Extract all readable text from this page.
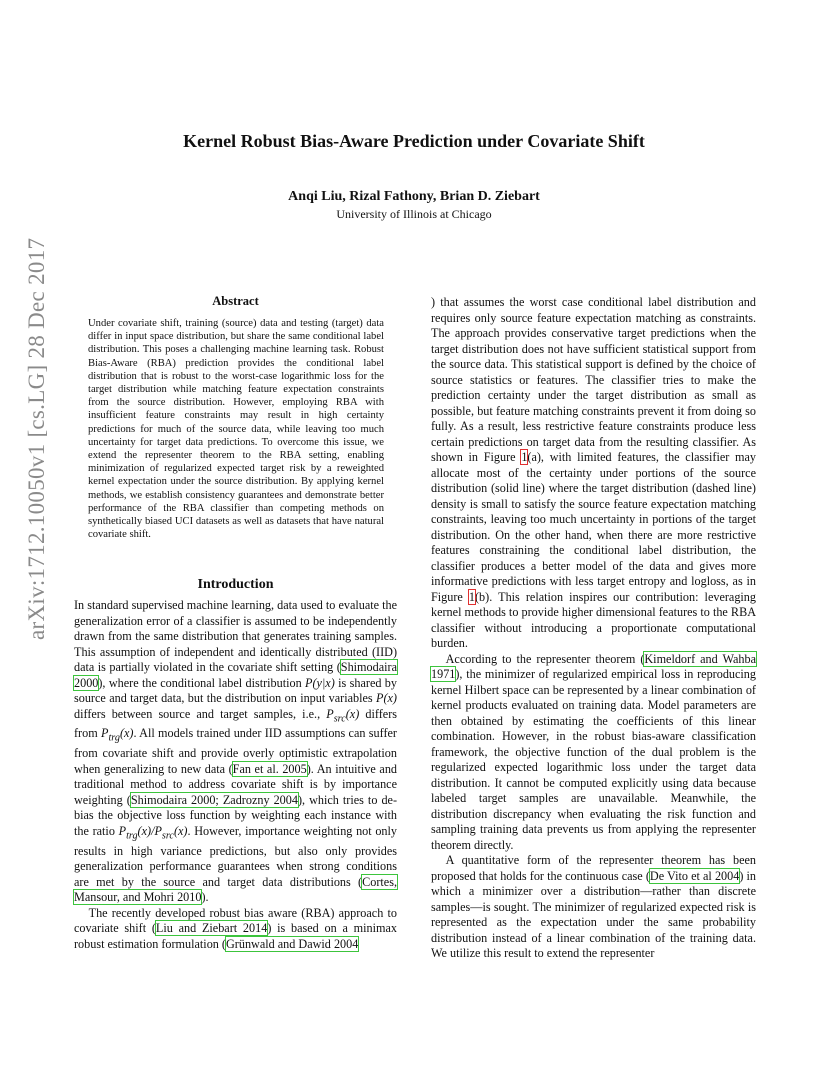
arXiv:1712.10050v1 [cs.LG] 28 Dec 2017
Kernel Robust Bias-Aware Prediction under Covariate Shift
Anqi Liu, Rizal Fathony, Brian D. Ziebart
University of Illinois at Chicago
Abstract
Under covariate shift, training (source) data and testing (target) data differ in input space distribution, but share the same conditional label distribution. This poses a challenging machine learning task. Robust Bias-Aware (RBA) prediction provides the conditional label distribution that is robust to the worst-case logarithmic loss for the target distribution while matching feature expectation constraints from the source distribution. However, employing RBA with insufficient feature constraints may result in high certainty predictions for much of the source data, while leaving too much uncertainty for target data predictions. To overcome this issue, we extend the representer theorem to the RBA setting, enabling minimization of regularized expected target risk by a reweighted kernel expectation under the source distribution. By applying kernel methods, we establish consistency guarantees and demonstrate better performance of the RBA classifier than competing methods on synthetically biased UCI datasets as well as datasets that have natural covariate shift.
Introduction

In standard supervised machine learning, data used to evaluate the generalization error of a classifier is assumed to be independently drawn from the same distribution that generates training samples. This assumption of independent and identically distributed (IID) data is partially violated in the covariate shift setting (Shimodaira 2000), where the conditional label distribution P(y|x) is shared by source and target data, but the distribution on input variables P(x) differs between source and target samples, i.e., $P_{src}(x)$ differs from $P_{trg}(x)$. All models trained under IID assumptions can suffer from covariate shift and provide overly optimistic extrapolation when generalizing to new data (Fan et al. 2005). An intuitive and traditional method to address covariate shift is by importance weighting (Shimodaira 2000; Zadrozny 2004), which tries to de-bias the objective loss function by weighting each instance with the ratio $P_{trg}(x)/P_{src}(x)$. However, importance weighting not only results in high variance predictions, but also only provides generalization performance guarantees when strong conditions are met by the source and target data distributions (Cortes, Mansour, and Mohri 2010).

The recently developed robust bias aware (RBA) approach to covariate shift (Liu and Ziebart 2014) is based on a minimax robust estimation formulation (Grünwald and Dawid 2004

) that assumes the worst case conditional label distribution and requires only source feature expectation matching as constraints. The approach provides conservative target predictions when the target distribution does not have sufficient statistical support from the source data. This statistical support is defined by the choice of source statistics or features. The classifier tries to make the prediction certainty under the target distribution as small as possible, but feature matching constraints prevent it from doing so fully. As a result, less restrictive feature constraints produce less certain predictions on target data from the resulting classifier. As shown in Figure 1(a), with limited features, the classifier may allocate most of the certainty under portions of the source distribution (solid line) where the target distribution (dashed line) density is small to satisfy the source feature expectation matching constraints, leaving too much uncertainty in portions of the target distribution. On the other hand, when there are more restrictive features constraining the conditional label distribution, the classifier produces a better model of the data and gives more informative predictions with less target entropy and logloss, as in Figure 1(b). This relation inspires our contribution: leveraging kernel methods to provide higher dimensional features to the RBA classifier without introducing a proportionate computational burden.

According to the representer theorem (Kimeldorf and Wahba 1971), the minimizer of regularized empirical loss in reproducing kernel Hilbert space can be represented by a linear combination of kernel products evaluated on training data. Model parameters are then obtained by estimating the coefficients of this linear combination. However, in the robust bias-aware classification framework, the objective function of the dual problem is the regularized expected logarithmic loss under the target data distribution. It cannot be computed explicitly using data because labeled target samples are unavailable. Meanwhile, the distribution discrepancy when evaluating the risk function and sampling training data prevents us from applying the representer theorem directly.

A quantitative form of the representer theorem has been proposed that holds for the continuous case (De Vito et al 2004) in which a minimizer over a distribution—rather than discrete samples—is sought. The minimizer of regularized expected risk is represented as the expectation under the same probability distribution instead of a linear combination of the training data. We utilize this result to extend the representer
